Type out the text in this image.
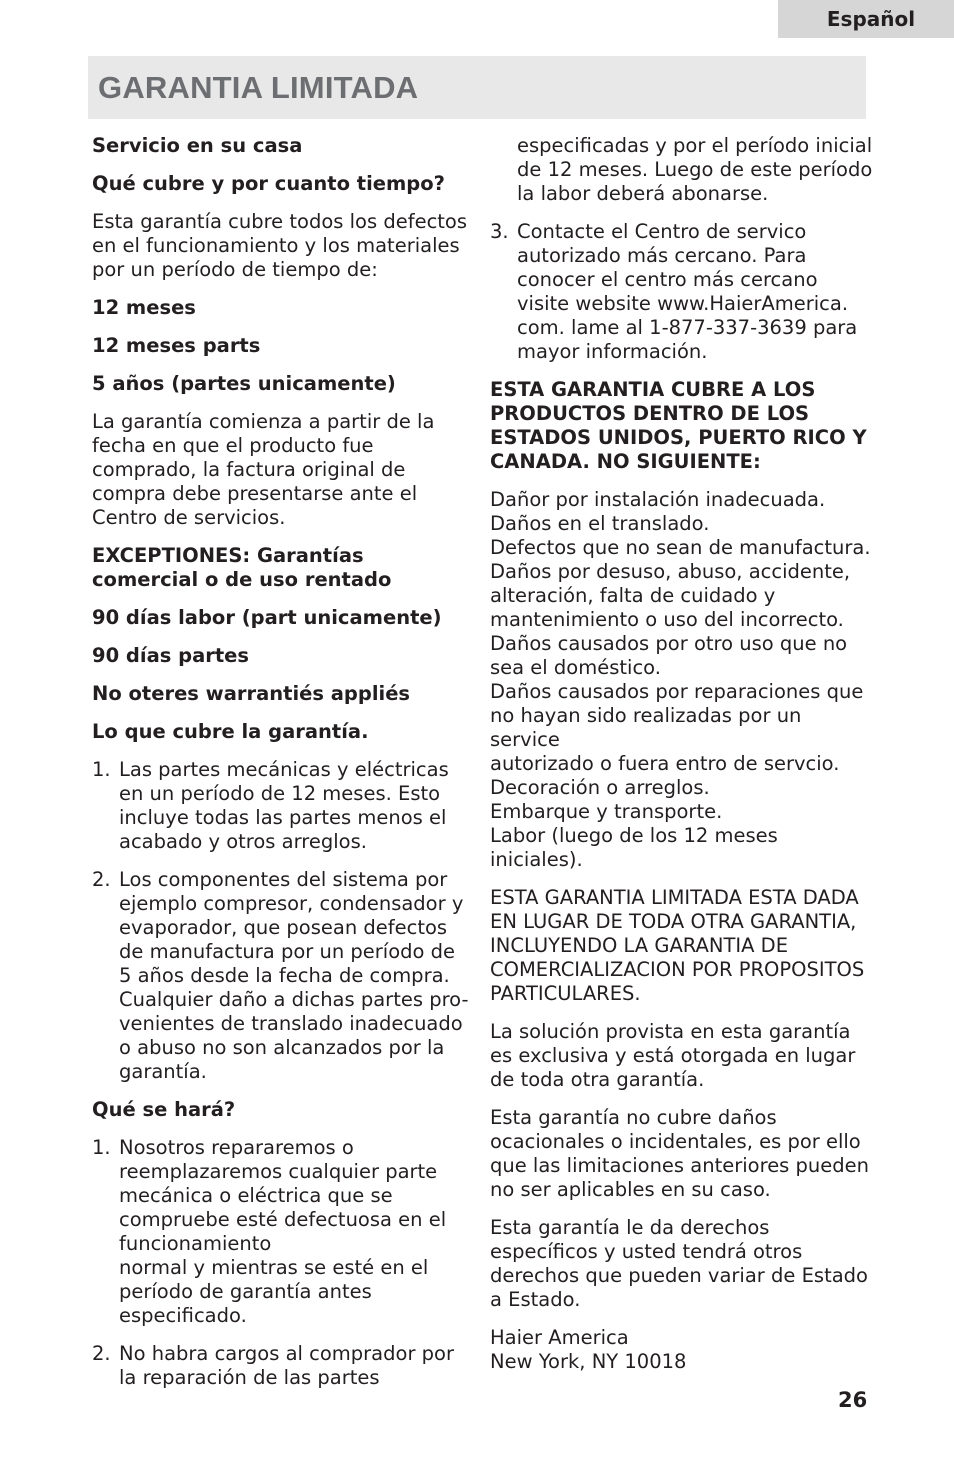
Español
GARANTIA LIMITADA

Servicio en su casa

Qué cubre y por cuanto tiempo?

Esta garantía cubre todos los defectos en el funcionamiento y los materiales por un período de tiempo de:

12 meses

12 meses parts

5 años (partes unicamente)

La garantía comienza a partir de la fecha en que el producto fue comprado, la factura original de compra debe presentarse ante el Centro de servicios.

EXCEPTIONES: Garantías comercial o de uso rentado

90 días labor (part unicamente)

90 días partes

No oteres warrantiés appliés

Lo que cubre la garantía.

1. Las partes mecánicas y eléctricas en un período de 12 meses. Esto incluye todas las partes menos el acabado y otros arreglos.
2. Los componentes del sistema por ejemplo compresor, condensador y evaporador, que posean defectos de manufactura por un período de 5 años desde la fecha de compra. Cualquier daño a dichas partes pro-venientes de translado inadecuado o abuso no son alcanzados por la garantía.

Qué se hará?

1. Nosotros repararemos o reemplazaremos cualquier parte mecánica o eléctrica que se compruebe esté defectuosa en el funcionamiento
normal y mientras se esté en el período de garantía antes especificado.
2. No habra cargos al comprador por la reparación de las partes
especificadas y por el período inicial de 12 meses. Luego de este período la labor deberá abonarse.
3. Contacte el Centro de servico autorizado más cercano. Para conocer el centro más cercano visite website www.HaierAmerica. com. lame al 1-877-337-3639 para mayor información.

ESTA GARANTIA CUBRE A LOS PRODUCTOS DENTRO DE LOS ESTADOS UNIDOS, PUERTO RICO Y CANADA. NO SIGUIENTE:

Dañor por instalación inadecuada.
Daños en el translado.
Defectos que no sean de manufactura.
Daños por desuso, abuso, accidente, alteración, falta de cuidado y mantenimiento o uso del incorrecto.
Daños causados por otro uso que no sea el doméstico.
Daños causados por reparaciones que no hayan sido realizadas por un service
autorizado o fuera entro de servcio.
Decoración o arreglos.
Embarque y transporte.
Labor (luego de los 12 meses iniciales).

ESTA GARANTIA LIMITADA ESTA DADA EN LUGAR DE TODA OTRA GARANTIA, INCLUYENDO LA GARANTIA DE COMERCIALIZACION POR PROPOSITOS PARTICULARES.

La solución provista en esta garantía es exclusiva y está otorgada en lugar de toda otra garantía.

Esta garantía no cubre daños ocacionales o incidentales, es por ello que las limitaciones anteriores pueden no ser aplicables en su caso.

Esta garantía le da derechos específicos y usted tendrá otros derechos que pueden variar de Estado a Estado.

Haier America
New York, NY 10018
26
